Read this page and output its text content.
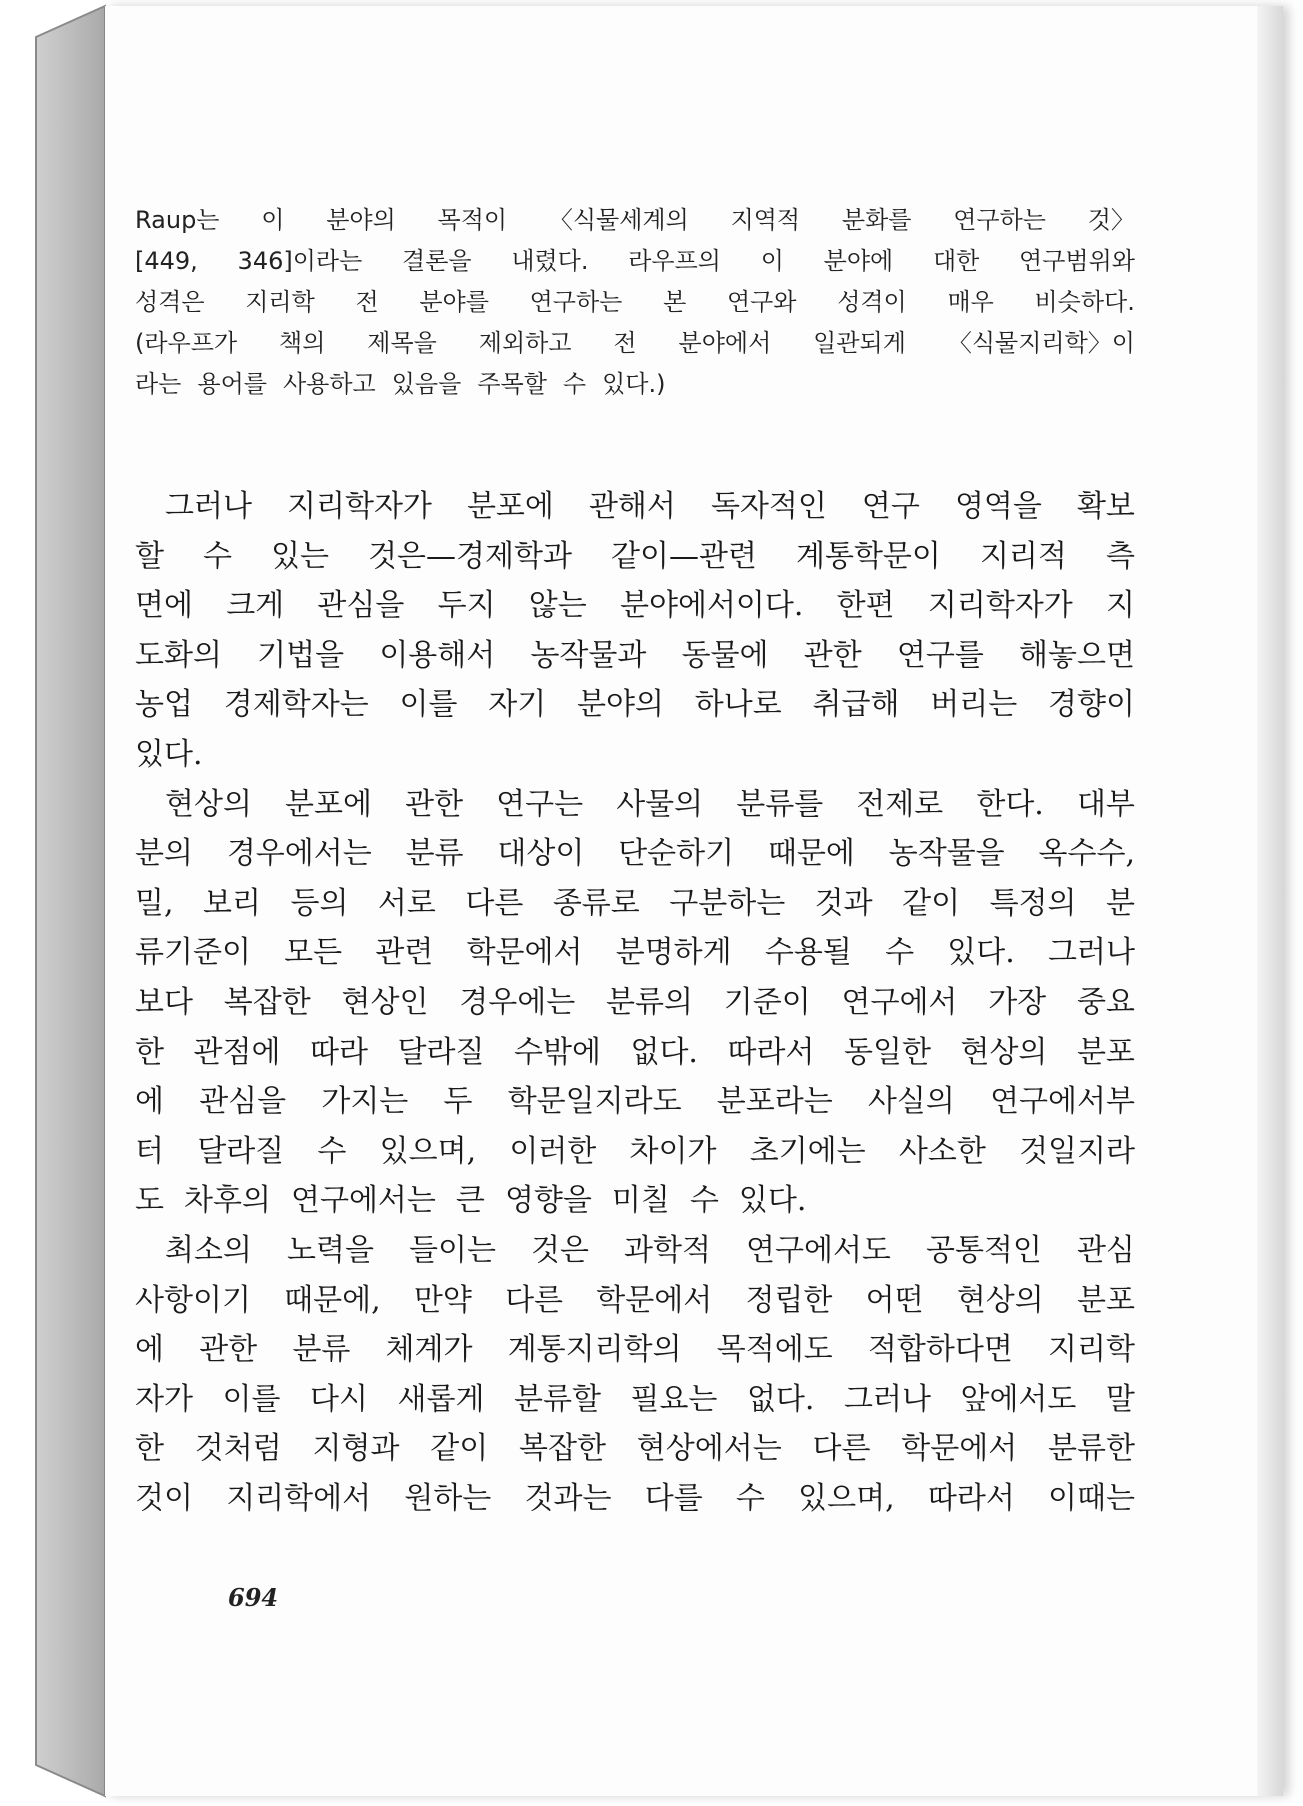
Raup는 이 분야의 목적이 〈식물세계의 지역적 분화를 연구하는 것〉
[449, 346]이라는 결론을 내렸다. 라우프의 이 분야에 대한 연구범위와
성격은 지리학 전 분야를 연구하는 본 연구와 성격이 매우 비슷하다.
(라우프가 책의 제목을 제외하고 전 분야에서 일관되게 〈식물지리학〉이
라는 용어를 사용하고 있음을 주목할 수 있다.)
그러나 지리학자가 분포에 관해서 독자적인 연구 영역을 확보
할 수 있는 것은—경제학과 같이—관련 계통학문이 지리적 측
면에 크게 관심을 두지 않는 분야에서이다. 한편 지리학자가 지
도화의 기법을 이용해서 농작물과 동물에 관한 연구를 해놓으면
농업 경제학자는 이를 자기 분야의 하나로 취급해 버리는 경향이
있다.
현상의 분포에 관한 연구는 사물의 분류를 전제로 한다. 대부
분의 경우에서는 분류 대상이 단순하기 때문에 농작물을 옥수수,
밀, 보리 등의 서로 다른 종류로 구분하는 것과 같이 특정의 분
류기준이 모든 관련 학문에서 분명하게 수용될 수 있다. 그러나
보다 복잡한 현상인 경우에는 분류의 기준이 연구에서 가장 중요
한 관점에 따라 달라질 수밖에 없다. 따라서 동일한 현상의 분포
에 관심을 가지는 두 학문일지라도 분포라는 사실의 연구에서부
터 달라질 수 있으며, 이러한 차이가 초기에는 사소한 것일지라
도 차후의 연구에서는 큰 영향을 미칠 수 있다.
최소의 노력을 들이는 것은 과학적 연구에서도 공통적인 관심
사항이기 때문에, 만약 다른 학문에서 정립한 어떤 현상의 분포
에 관한 분류 체계가 계통지리학의 목적에도 적합하다면 지리학
자가 이를 다시 새롭게 분류할 필요는 없다. 그러나 앞에서도 말
한 것처럼 지형과 같이 복잡한 현상에서는 다른 학문에서 분류한
것이 지리학에서 원하는 것과는 다를 수 있으며, 따라서 이때는
694
